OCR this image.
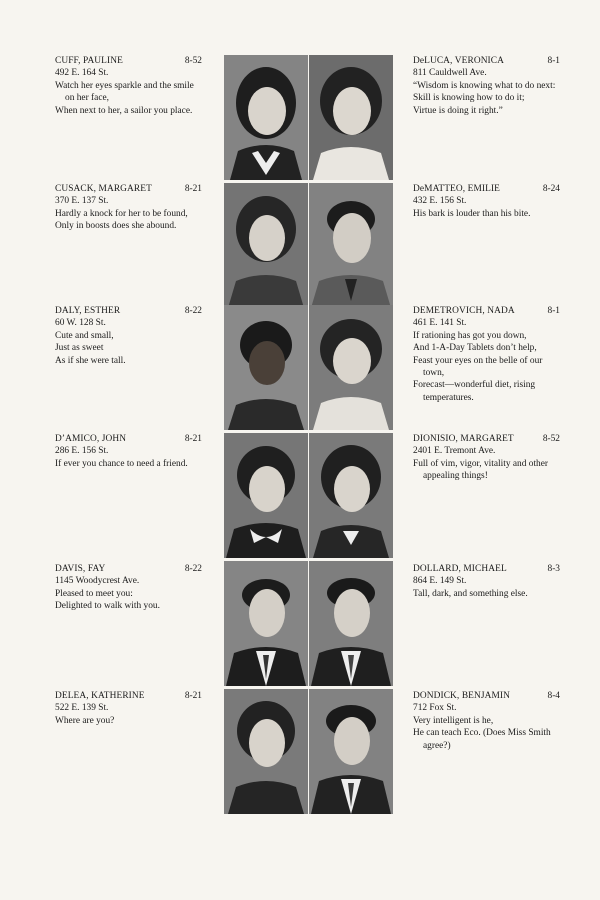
CUFF, PAULINE	8-52
492 E. 164 St.
Watch her eyes sparkle and the smile on her face,
When next to her, a sailor you place.
DeLUCA, VERONICA	8-1
811 Cauldwell Ave.
“Wisdom is knowing what to do next:
Skill is knowing how to do it;
Virtue is doing it right.”
CUSACK, MARGARET	8-21
370 E. 137 St.
Hardly a knock for her to be found,
Only in boosts does she abound.
DeMATTEO, EMILIE	8-24
432 E. 156 St.
His bark is louder than his bite.
DALY, ESTHER	8-22
60 W. 128 St.
Cute and small,
Just as sweet
As if she were tall.
DEMETROVICH, NADA	8-1
461 E. 141 St.
If rationing has got you down,
And 1-A-Day Tablets don’t help,
Feast your eyes on the belle of our town,
Forecast—wonderful diet, rising temperatures.
D’AMICO, JOHN	8-21
286 E. 156 St.
If ever you chance to need a friend.
DIONISIO, MARGARET	8-52
2401 E. Tremont Ave.
Full of vim, vigor, vitality and other appealing things!
DAVIS, FAY	8-22
1145 Woodycrest Ave.
Pleased to meet you:
Delighted to walk with you.
DOLLARD, MICHAEL	8-3
864 E. 149 St.
Tall, dark, and something else.
DELEA, KATHERINE	8-21
522 E. 139 St.
Where are you?
DONDICK, BENJAMIN	8-4
712 Fox St.
Very intelligent is he,
He can teach Eco. (Does Miss Smith agree?)
